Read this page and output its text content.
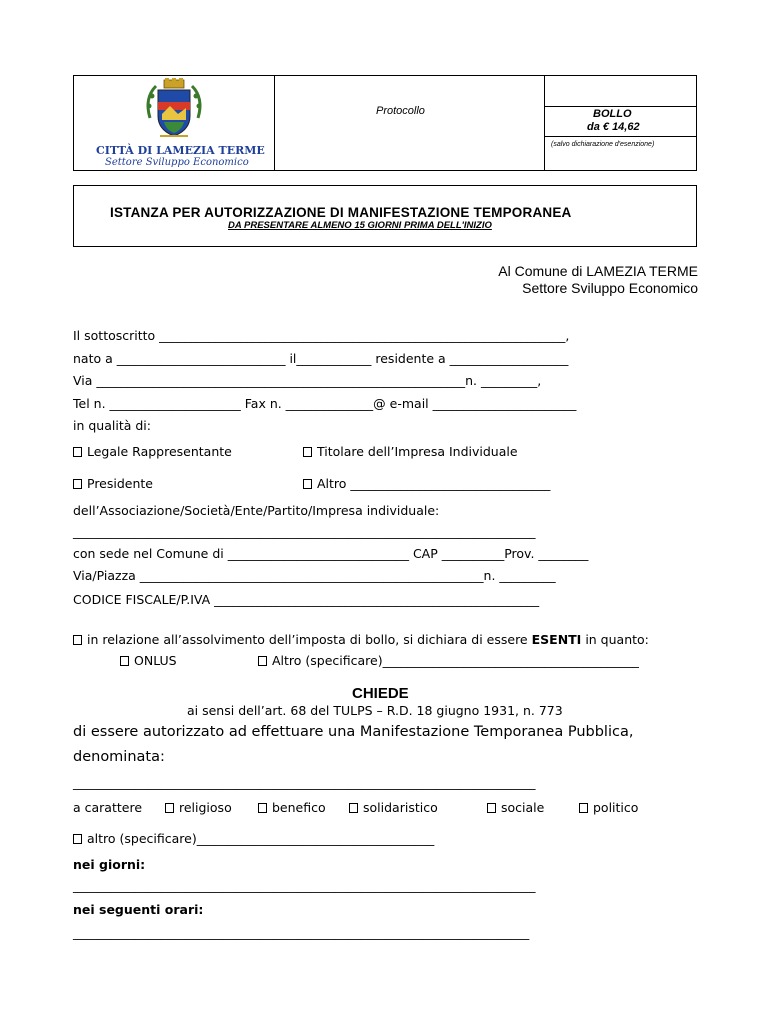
CITTÀ DI LAMEZIA TERME
Settore Sviluppo Economico
Protocollo	BOLLO
da € 14,62
(salvo dichiarazione d'esenzione)
ISTANZA PER AUTORIZZAZIONE DI MANIFESTAZIONE TEMPORANEA
DA PRESENTARE ALMENO 15 GIORNI PRIMA DELL'INIZIO
Al Comune di LAMEZIA TERME
Settore Sviluppo Economico
Il sottoscritto _________________________________________________________________,
nato a ___________________________ il____________ residente a ___________________
Via ___________________________________________________________n. _________,
Tel n. _____________________ Fax n. ______________@ e-mail _______________________
in qualità di:
Legale Rappresentante	Titolare dell’Impresa Individuale
Presidente	Altro ________________________________
dell’Associazione/Società/Ente/Partito/Impresa individuale:
__________________________________________________________________________
con sede nel Comune di _____________________________ CAP __________Prov. ________
Via/Piazza _______________________________________________________n. _________
CODICE FISCALE/P.IVA ____________________________________________________
in relazione all’assolvimento dell’imposta di bollo, si dichiara di essere ESENTI in quanto:
ONLUS	Altro (specificare)_________________________________________
CHIEDE
ai sensi dell’art. 68 del TULPS – R.D. 18 giugno 1931, n. 773
di essere autorizzato ad effettuare una Manifestazione Temporanea Pubblica,
denominata:
__________________________________________________________________________
a carattere	religioso	benefico	solidaristico	sociale	politico
altro (specificare)______________________________________
nei giorni:
__________________________________________________________________________
nei seguenti orari:
_________________________________________________________________________
